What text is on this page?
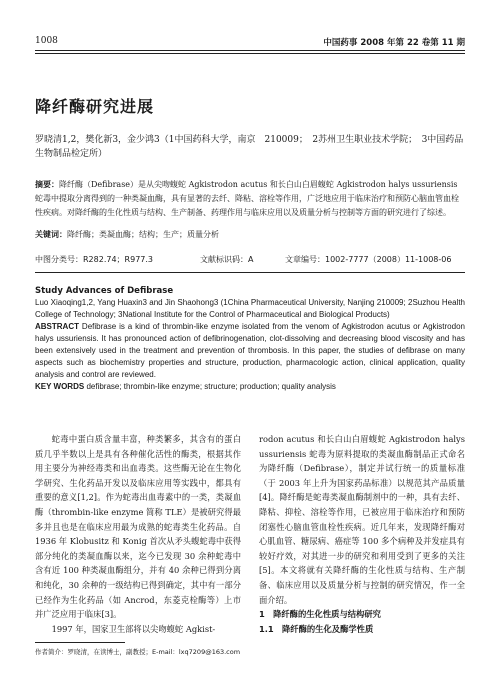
1008	中国药事 2008 年第 22 卷第 11 期
降纤酶研究进展
罗晓清1,2，樊化新3，金少鸿3（1中国药科大学，南京　210009；　2苏州卫生职业技术学院；　3中国药品生物制品检定所）
摘要：降纤酶（Defibrase）是从尖吻蝮蛇 Agkistrodon acutus 和长白山白眉蝮蛇 Agkistrodon halys ussuriensis 蛇毒中提取分离得到的一种类凝血酶，具有显著的去纤、降粘、溶栓等作用，广泛地应用于临床治疗和预防心脑血管血栓性疾病。对降纤酶的生化性质与结构、生产制备、药理作用与临床应用以及质量分析与控制等方面的研究进行了综述。
关键词：降纤酶；类凝血酶；结构；生产；质量分析
中图分类号：R282.74；R977.3	文献标识码：A	文章编号：1002-7777（2008）11-1008-06
Study Advances of Defibrase
Luo Xiaoqing1,2, Yang Huaxin3 and Jin Shaohong3 (1China Pharmaceutical University, Nanjing 210009; 2Suzhou Health College of Technology; 3National Institute for the Control of Pharmaceutical and Biological Products)
ABSTRACT Defibrase is a kind of thrombin-like enzyme isolated from the venom of Agkistrodon acutus or Agkistrodon halys ussuriensis. It has pronounced action of defibrinogenation, clot-dissolving and decreasing blood viscosity and has been extensively used in the treatment and prevention of thrombosis. In this paper, the studies of defibrase on many aspects such as biochemistry properties and structure, production, pharmacologic action, clinical application, quality analysis and control are reviewed.
KEY WORDS defibrase; thrombin-like enzyme; structure; production; quality analysis

蛇毒中蛋白质含量丰富，种类繁多，其含有的蛋白质几乎半数以上是具有各种催化活性的酶类，根据其作用主要分为神经毒类和出血毒类。这些酶无论在生物化学研究、生化药品开发以及临床应用等实践中，都具有重要的意义[1,2]。作为蛇毒出血毒素中的一类，类凝血酶（thrombin-like enzyme 简称 TLE）是被研究得最多并且也是在临床应用最为成熟的蛇毒类生化药品。自 1936 年 Klobusitz 和 Konig 首次从矛头蝮蛇毒中获得部分纯化的类凝血酶以来，迄今已发现 30 余种蛇毒中含有近 100 种类凝血酶组分，并有 40 余种已得到分离和纯化，30 余种的一级结构已得到确定，其中有一部分已经作为生化药品（如 Ancrod，东菱克栓酶等）上市并广泛应用于临床[3]。

1997 年，国家卫生部将以尖吻蝮蛇 Agkist-

rodon acutus 和长白山白眉蝮蛇 Agkistrodon halys ussuriensis 蛇毒为原料提取的类凝血酶制品正式命名为降纤酶（Defibrase），制定并试行统一的质量标准（于 2003 年上升为国家药品标准）以规范其产品质量[4]。降纤酶是蛇毒类凝血酶制剂中的一种，具有去纤、降粘、抑栓、溶栓等作用，已被应用于临床治疗和预防闭塞性心脑血管血栓性疾病。近几年来，发现降纤酶对心肌血管、糖尿病、癌症等 100 多个病种及并发症具有较好疗效，对其进一步的研究和利用受到了更多的关注[5]。本文将就有关降纤酶的生化性质与结构、生产制备、临床应用以及质量分析与控制的研究情况，作一全面介绍。

1　降纤酶的生化性质与结构研究

1.1　降纤酶的生化及酶学性质

作者简介：罗晓清，在读博士，副教授；E-mail：lxq7209@163.com
